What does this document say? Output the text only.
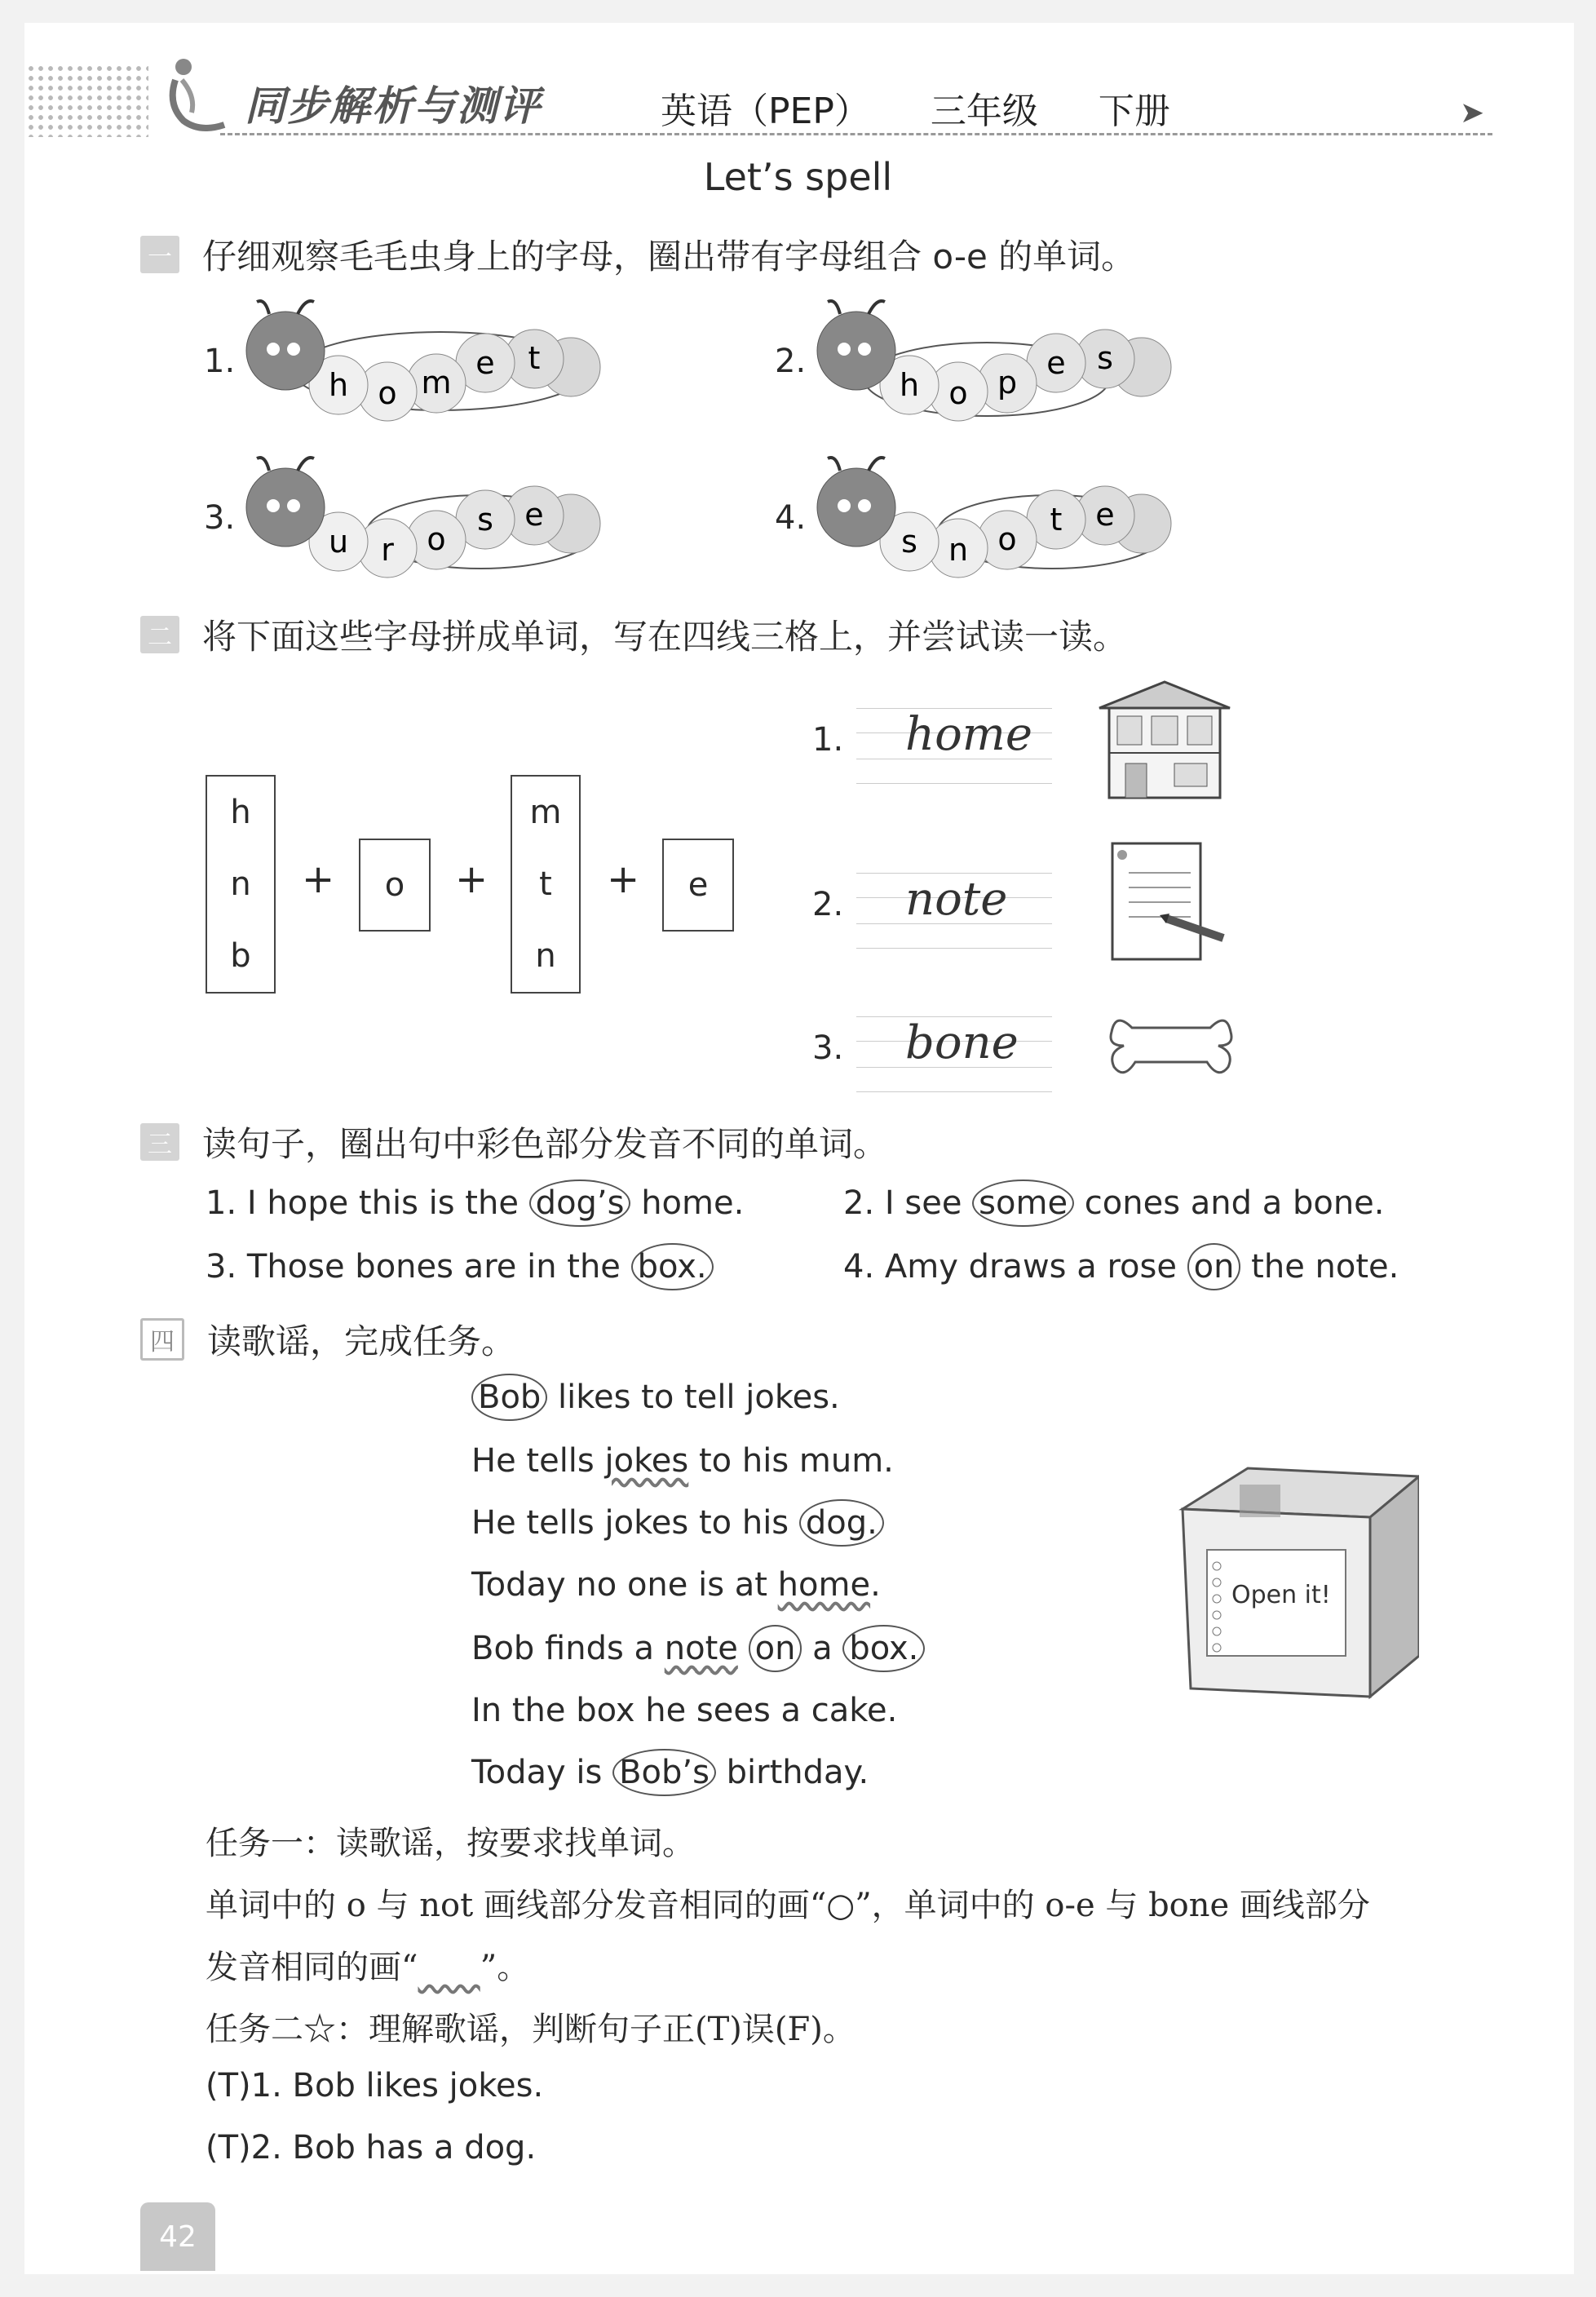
同步解析与测评	英语（PEP） 三年级 下册	➤
Let’s spell
一 仔细观察毛毛虫身上的字母，圈出带有字母组合 o-e 的单词。
1.
h o m
e t	2.
h o p
e s
3.
u r o
s e	4.
s n o
t e
二 将下面这些字母拼成单词，写在四线三格上，并尝试读一读。
h
n
b
+	o	+
m
t
n
+	e
1. home
2. note
3. bone
三 读句子，圈出句中彩色部分发音不同的单词。
1. I hope this is the dog’s home.	2. I see some cones and a bone.
3. Those bones are in the box.	4. Amy draws a rose on the note.
四 读歌谣，完成任务。
Bob likes to tell jokes.
He tells jokes to his mum.
He tells jokes to his dog.
Today no one is at home.
Bob finds a note on a box.
In the box he sees a cake.
Today is Bob’s birthday.
Open it!
任务一：读歌谣，按要求找单词。
单词中的 o 与 not 画线部分发音相同的画“○”，单词中的 o-e 与 bone 画线部分
发音相同的画“ ”。
任务二☆：理解歌谣，判断句子正(T)误(F)。
(T)1. Bob likes jokes.
(T)2. Bob has a dog.
42
